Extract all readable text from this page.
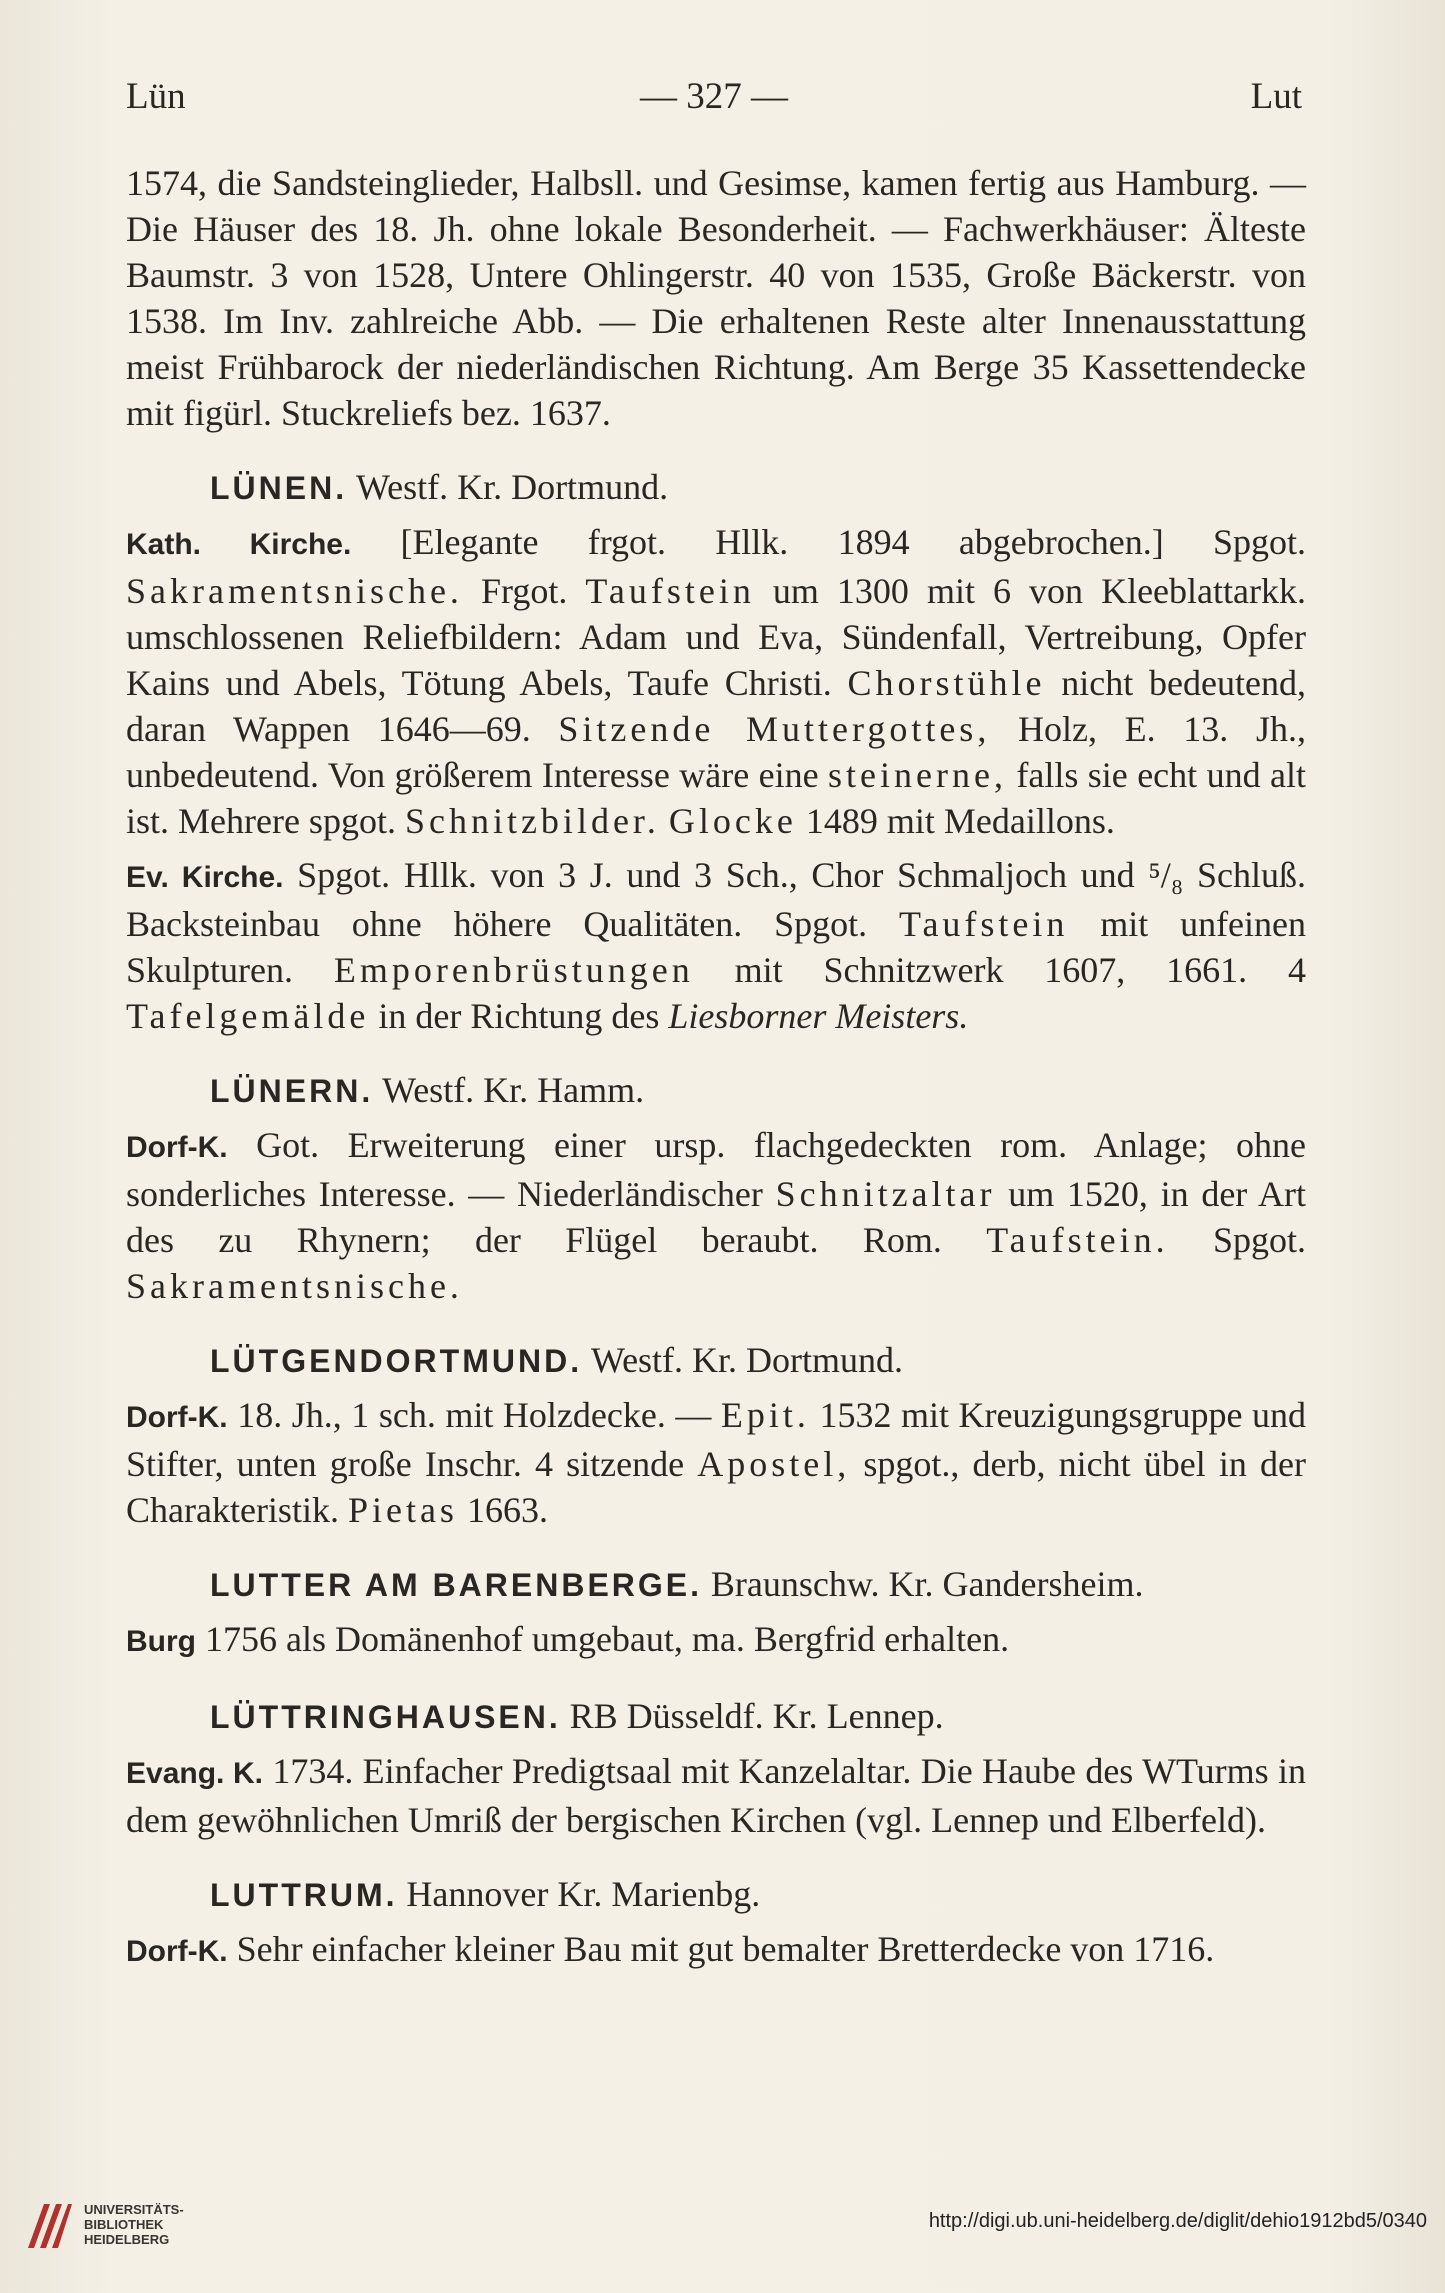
Lün	— 327 —	Lut

1574, die Sandsteinglieder, Halbsll. und Gesimse, kamen fertig aus Hamburg. — Die Häuser des 18. Jh. ohne lokale Besonderheit. — Fachwerkhäuser: Älteste Baumstr. 3 von 1528, Untere Ohlingerstr. 40 von 1535, Große Bäckerstr. von 1538. Im Inv. zahlreiche Abb. — Die erhaltenen Reste alter Innenausstattung meist Frühbarock der niederländischen Richtung. Am Berge 35 Kassettendecke mit figürl. Stuckreliefs bez. 1637.

LÜNEN. Westf. Kr. Dortmund.

Kath. Kirche. [Elegante frgot. Hllk. 1894 abgebrochen.] Spgot. Sakramentsnische. Frgot. Taufstein um 1300 mit 6 von Kleeblattarkk. umschlossenen Reliefbildern: Adam und Eva, Sündenfall, Vertreibung, Opfer Kains und Abels, Tötung Abels, Taufe Christi. Chorstühle nicht bedeutend, daran Wappen 1646—69. Sitzende Muttergottes, Holz, E. 13. Jh., unbedeutend. Von größerem Interesse wäre eine steinerne, falls sie echt und alt ist. Mehrere spgot. Schnitzbilder. Glocke 1489 mit Medaillons.

Ev. Kirche. Spgot. Hllk. von 3 J. und 3 Sch., Chor Schmaljoch und ⁵/₈ Schluß. Backsteinbau ohne höhere Qualitäten. Spgot. Taufstein mit unfeinen Skulpturen. Emporenbrüstungen mit Schnitzwerk 1607, 1661. 4 Tafelgemälde in der Richtung des Liesborner Meisters.

LÜNERN. Westf. Kr. Hamm.

Dorf-K. Got. Erweiterung einer ursp. flachgedeckten rom. Anlage; ohne sonderliches Interesse. — Niederländischer Schnitzaltar um 1520, in der Art des zu Rhynern; der Flügel beraubt. Rom. Taufstein. Spgot. Sakramentsnische.

LÜTGENDORTMUND. Westf. Kr. Dortmund.

Dorf-K. 18. Jh., 1 sch. mit Holzdecke. — Epit. 1532 mit Kreuzigungsgruppe und Stifter, unten große Inschr. 4 sitzende Apostel, spgot., derb, nicht übel in der Charakteristik. Pietas 1663.

LUTTER AM BARENBERGE. Braunschw. Kr. Gandersheim.

Burg 1756 als Domänenhof umgebaut, ma. Bergfrid erhalten.

LÜTTRINGHAUSEN. RB Düsseldf. Kr. Lennep.

Evang. K. 1734. Einfacher Predigtsaal mit Kanzelaltar. Die Haube des WTurms in dem gewöhnlichen Umriß der bergischen Kirchen (vgl. Lennep und Elberfeld).

LUTTRUM. Hannover Kr. Marienbg.

Dorf-K. Sehr einfacher kleiner Bau mit gut bemalter Bretterdecke von 1716.

UNIVERSITÄTS-
BIBLIOTHEK
HEIDELBERG
http://digi.ub.uni-heidelberg.de/diglit/dehio1912bd5/0340
